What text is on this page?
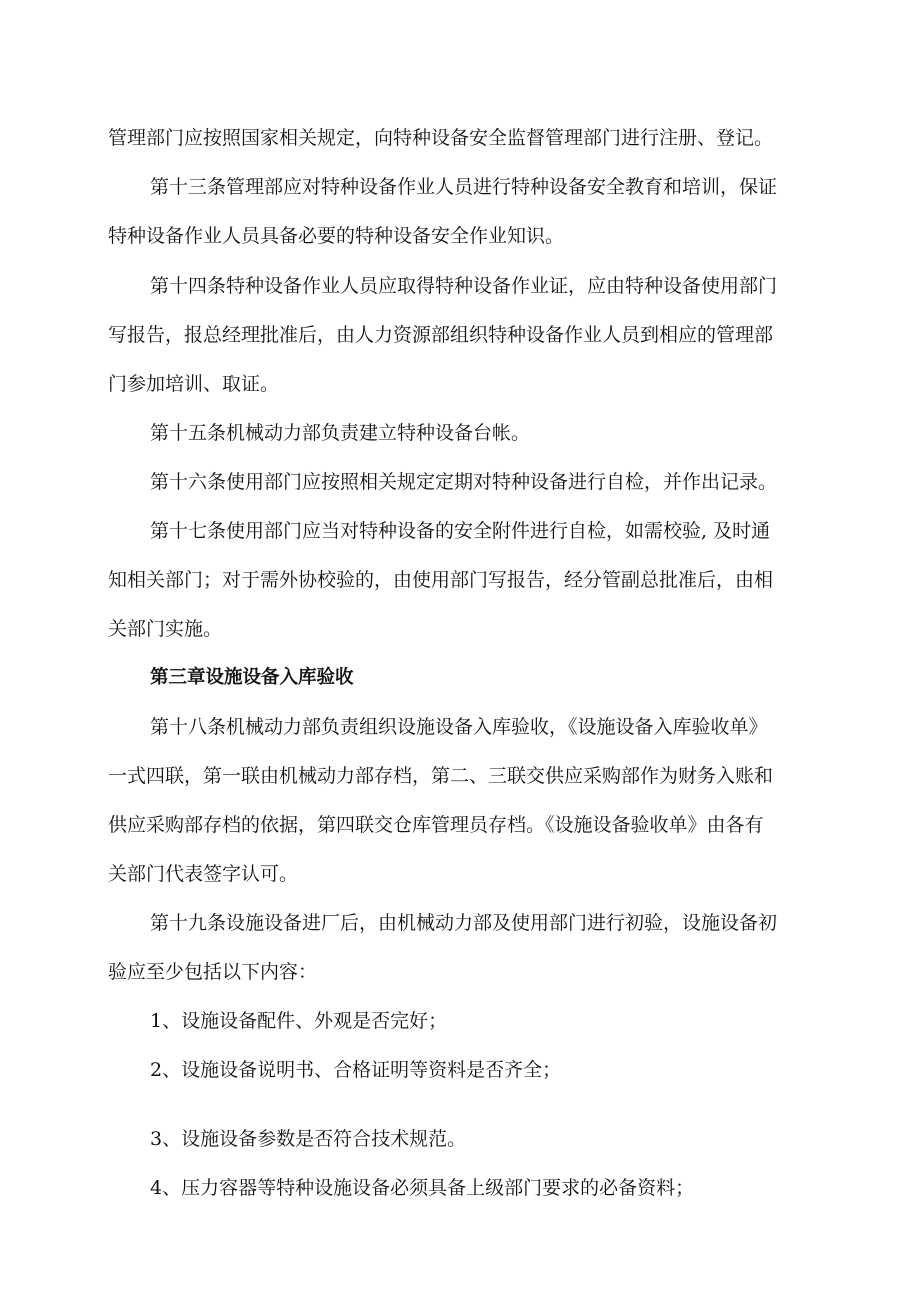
管理部门应按照国家相关规定，向特种设备安全监督管理部门进行注册、登记。

第十三条管理部应对特种设备作业人员进行特种设备安全教育和培训，保证

特种设备作业人员具备必要的特种设备安全作业知识。

第十四条特种设备作业人员应取得特种设备作业证，应由特种设备使用部门

写报告，报总经理批准后，由人力资源部组织特种设备作业人员到相应的管理部

门参加培训、取证。

第十五条机械动力部负责建立特种设备台帐。

第十六条使用部门应按照相关规定定期对特种设备进行自检，并作出记录。

第十七条使用部门应当对特种设备的安全附件进行自检，如需校验, 及时通

知相关部门；对于需外协校验的，由使用部门写报告，经分管副总批准后，由相

关部门实施。

第三章设施设备入库验收

第十八条机械动力部负责组织设施设备入库验收，《设施设备入库验收单》

一式四联，第一联由机械动力部存档，第二、三联交供应采购部作为财务入账和

供应采购部存档的依据，第四联交仓库管理员存档。《设施设备验收单》由各有

关部门代表签字认可。

第十九条设施设备进厂后，由机械动力部及使用部门进行初验，设施设备初

验应至少包括以下内容：

1、设施设备配件、外观是否完好；

2、设施设备说明书、合格证明等资料是否齐全；

3、设施设备参数是否符合技术规范。

4、压力容器等特种设施设备必须具备上级部门要求的必备资料；
